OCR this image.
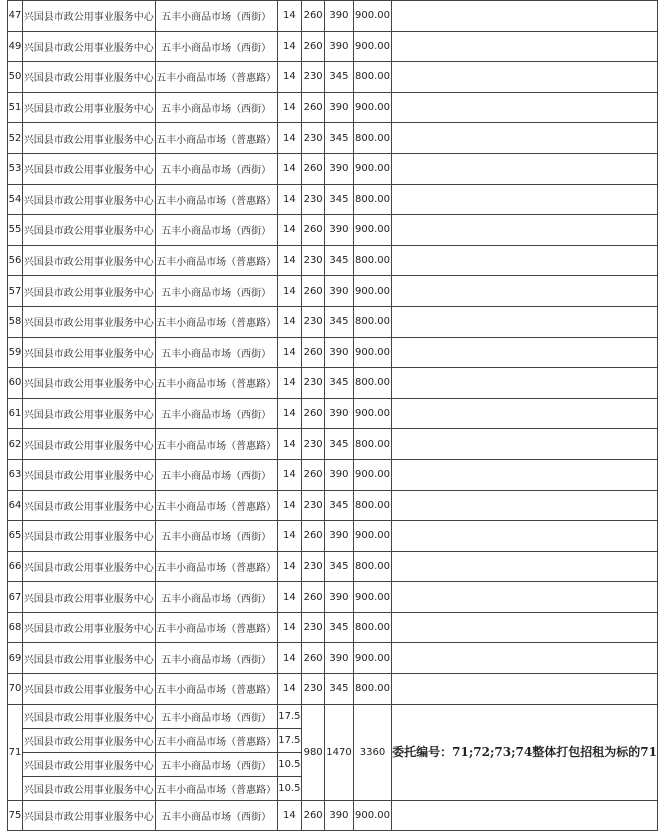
47	兴国县市政公用事业服务中心	五丰小商品市场（西街）	14	260	390	900.00	
49	兴国县市政公用事业服务中心	五丰小商品市场（西街）	14	260	390	900.00	
50	兴国县市政公用事业服务中心	五丰小商品市场（普惠路）	14	230	345	800.00	
51	兴国县市政公用事业服务中心	五丰小商品市场（西街）	14	260	390	900.00	
52	兴国县市政公用事业服务中心	五丰小商品市场（普惠路）	14	230	345	800.00	
53	兴国县市政公用事业服务中心	五丰小商品市场（西街）	14	260	390	900.00	
54	兴国县市政公用事业服务中心	五丰小商品市场（普惠路）	14	230	345	800.00	
55	兴国县市政公用事业服务中心	五丰小商品市场（西街）	14	260	390	900.00	
56	兴国县市政公用事业服务中心	五丰小商品市场（普惠路）	14	230	345	800.00	
57	兴国县市政公用事业服务中心	五丰小商品市场（西街）	14	260	390	900.00	
58	兴国县市政公用事业服务中心	五丰小商品市场（普惠路）	14	230	345	800.00	
59	兴国县市政公用事业服务中心	五丰小商品市场（西街）	14	260	390	900.00	
60	兴国县市政公用事业服务中心	五丰小商品市场（普惠路）	14	230	345	800.00	
61	兴国县市政公用事业服务中心	五丰小商品市场（西街）	14	260	390	900.00	
62	兴国县市政公用事业服务中心	五丰小商品市场（普惠路）	14	230	345	800.00	
63	兴国县市政公用事业服务中心	五丰小商品市场（西街）	14	260	390	900.00	
64	兴国县市政公用事业服务中心	五丰小商品市场（普惠路）	14	230	345	800.00	
65	兴国县市政公用事业服务中心	五丰小商品市场（西街）	14	260	390	900.00	
66	兴国县市政公用事业服务中心	五丰小商品市场（普惠路）	14	230	345	800.00	
67	兴国县市政公用事业服务中心	五丰小商品市场（西街）	14	260	390	900.00	
68	兴国县市政公用事业服务中心	五丰小商品市场（普惠路）	14	230	345	800.00	
69	兴国县市政公用事业服务中心	五丰小商品市场（西街）	14	260	390	900.00	
70	兴国县市政公用事业服务中心	五丰小商品市场（普惠路）	14	230	345	800.00	
71	兴国县市政公用事业服务中心	五丰小商品市场（西街）	17.5	980	1470	3360	委托编号：71;72;73;74整体打包招租为标的71
	兴国县市政公用事业服务中心	五丰小商品市场（普惠路）	17.5				
	兴国县市政公用事业服务中心	五丰小商品市场（西街）	10.5				
	兴国县市政公用事业服务中心	五丰小商品市场（普惠路）	10.5				
75	兴国县市政公用事业服务中心	五丰小商品市场（西街）	14	260	390	900.00	
